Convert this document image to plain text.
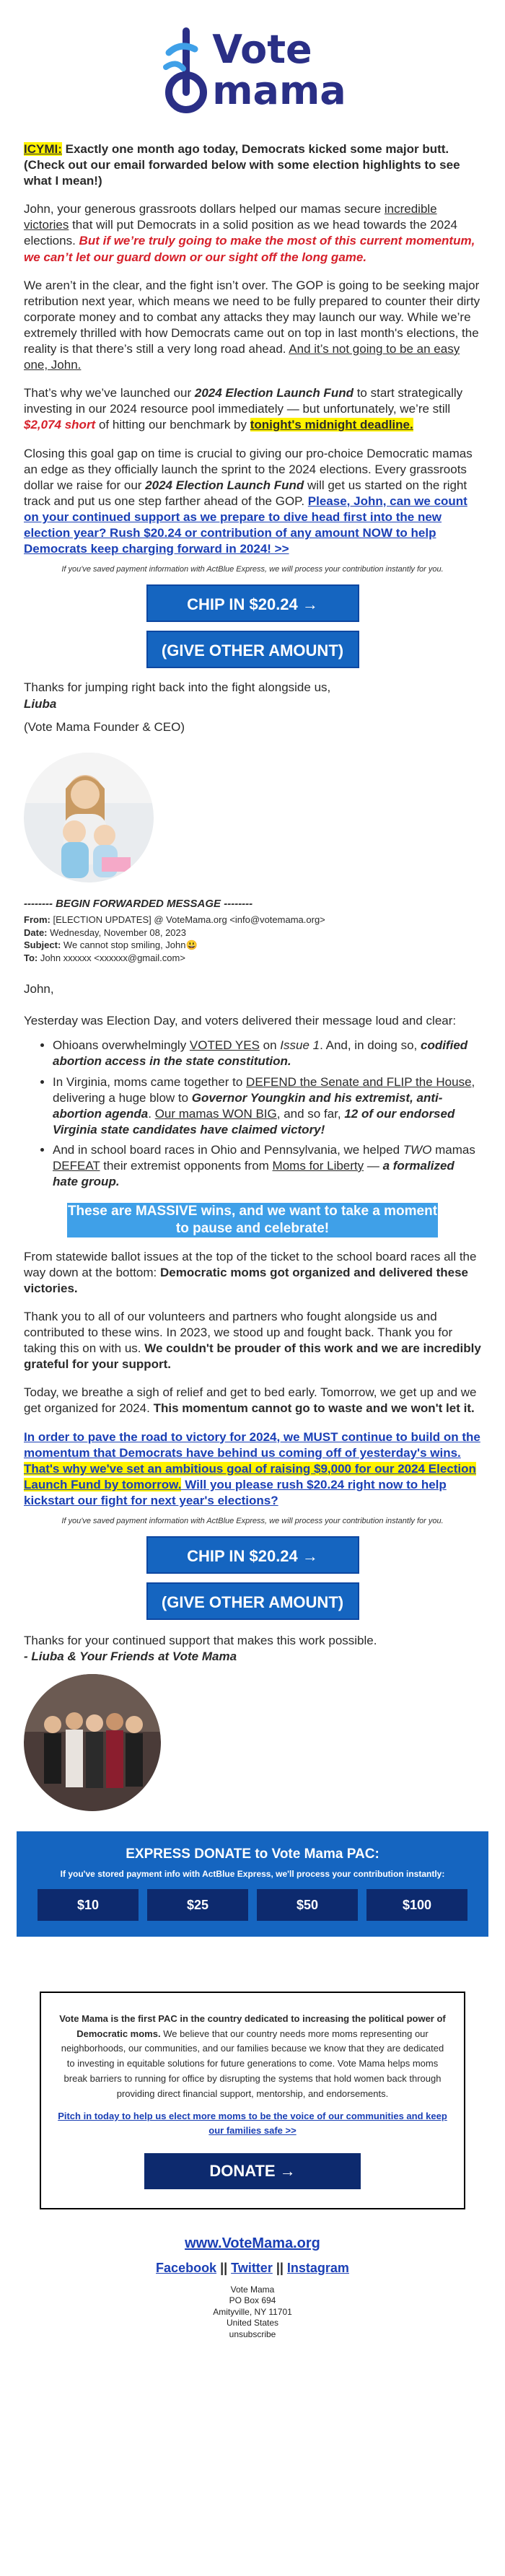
Vote
mama

ICYMI: Exactly one month ago today, Democrats kicked some major butt. (Check out our email forwarded below with some election highlights to see what I mean!)

John, your generous grassroots dollars helped our mamas secure incredible victories that will put Democrats in a solid position as we head towards the 2024 elections. But if we’re truly going to make the most of this current momentum, we can’t let our guard down or our sight off the long game.

We aren’t in the clear, and the fight isn’t over. The GOP is going to be seeking major retribution next year, which means we need to be fully prepared to counter their dirty corporate money and to combat any attacks they may launch our way. While we’re extremely thrilled with how Democrats came out on top in last month's elections, the reality is that there’s still a very long road ahead. And it’s not going to be an easy one, John.

That’s why we’ve launched our 2024 Election Launch Fund to start strategically investing in our 2024 resource pool immediately — but unfortunately, we’re still $2,074 short of hitting our benchmark by tonight's midnight deadline.

Closing this goal gap on time is crucial to giving our pro-choice Democratic mamas an edge as they officially launch the sprint to the 2024 elections. Every grassroots dollar we raise for our 2024 Election Launch Fund will get us started on the right track and put us one step farther ahead of the GOP. Please, John, can we count on your continued support as we prepare to dive head first into the new election year? Rush $20.24 or contribution of any amount NOW to help Democrats keep charging forward in 2024! >>

If you've saved payment information with ActBlue Express, we will process your contribution instantly for you.
CHIP IN $20.24 →
(GIVE OTHER AMOUNT)

Thanks for jumping right back into the fight alongside us,
Liuba

(Vote Mama Founder & CEO)

-------- BEGIN FORWARDED MESSAGE --------
From: [ELECTION UPDATES] @ VoteMama.org <info@votemama.org>
Date: Wednesday, November 08, 2023
Subject: We cannot stop smiling, John😃
To: John xxxxxx <xxxxxx@gmail.com>

John,

Yesterday was Election Day, and voters delivered their message loud and clear:

• Ohioans overwhelmingly VOTED YES on Issue 1. And, in doing so, codified abortion access in the state constitution.
• In Virginia, moms came together to DEFEND the Senate and FLIP the House, delivering a huge blow to Governor Youngkin and his extremist, anti-abortion agenda. Our mamas WON BIG, and so far, 12 of our endorsed Virginia state candidates have claimed victory!
• And in school board races in Ohio and Pennsylvania, we helped TWO mamas DEFEAT their extremist opponents from Moms for Liberty — a formalized hate group.
These are MASSIVE wins, and we want to take a moment to pause and celebrate!

From statewide ballot issues at the top of the ticket to the school board races all the way down at the bottom: Democratic moms got organized and delivered these victories.

Thank you to all of our volunteers and partners who fought alongside us and contributed to these wins. In 2023, we stood up and fought back. Thank you for taking this on with us. We couldn't be prouder of this work and we are incredibly grateful for your support.

Today, we breathe a sigh of relief and get to bed early. Tomorrow, we get up and we get organized for 2024. This momentum cannot go to waste and we won't let it.

In order to pave the road to victory for 2024, we MUST continue to build on the momentum that Democrats have behind us coming off of yesterday's wins. That's why we've set an ambitious goal of raising $9,000 for our 2024 Election Launch Fund by tomorrow. Will you please rush $20.24 right now to help kickstart our fight for next year's elections?

If you've saved payment information with ActBlue Express, we will process your contribution instantly for you.
CHIP IN $20.24 →
(GIVE OTHER AMOUNT)

Thanks for your continued support that makes this work possible.
- Liuba & Your Friends at Vote Mama

EXPRESS DONATE to Vote Mama PAC:
If you've stored payment info with ActBlue Express, we'll process your contribution instantly:
$10	$25	$50	$100
Vote Mama is the first PAC in the country dedicated to increasing the political power of Democratic moms. We believe that our country needs more moms representing our neighborhoods, our communities, and our families because we know that they are dedicated to investing in equitable solutions for future generations to come. Vote Mama helps moms break barriers to running for office by disrupting the systems that hold women back through providing direct financial support, mentorship, and endorsements.
Pitch in today to help us elect more moms to be the voice of our communities and keep our families safe >>
DONATE →
www.VoteMama.org
Facebook || Twitter || Instagram
Vote Mama
PO Box 694
Amityville, NY 11701
United States
unsubscribe
